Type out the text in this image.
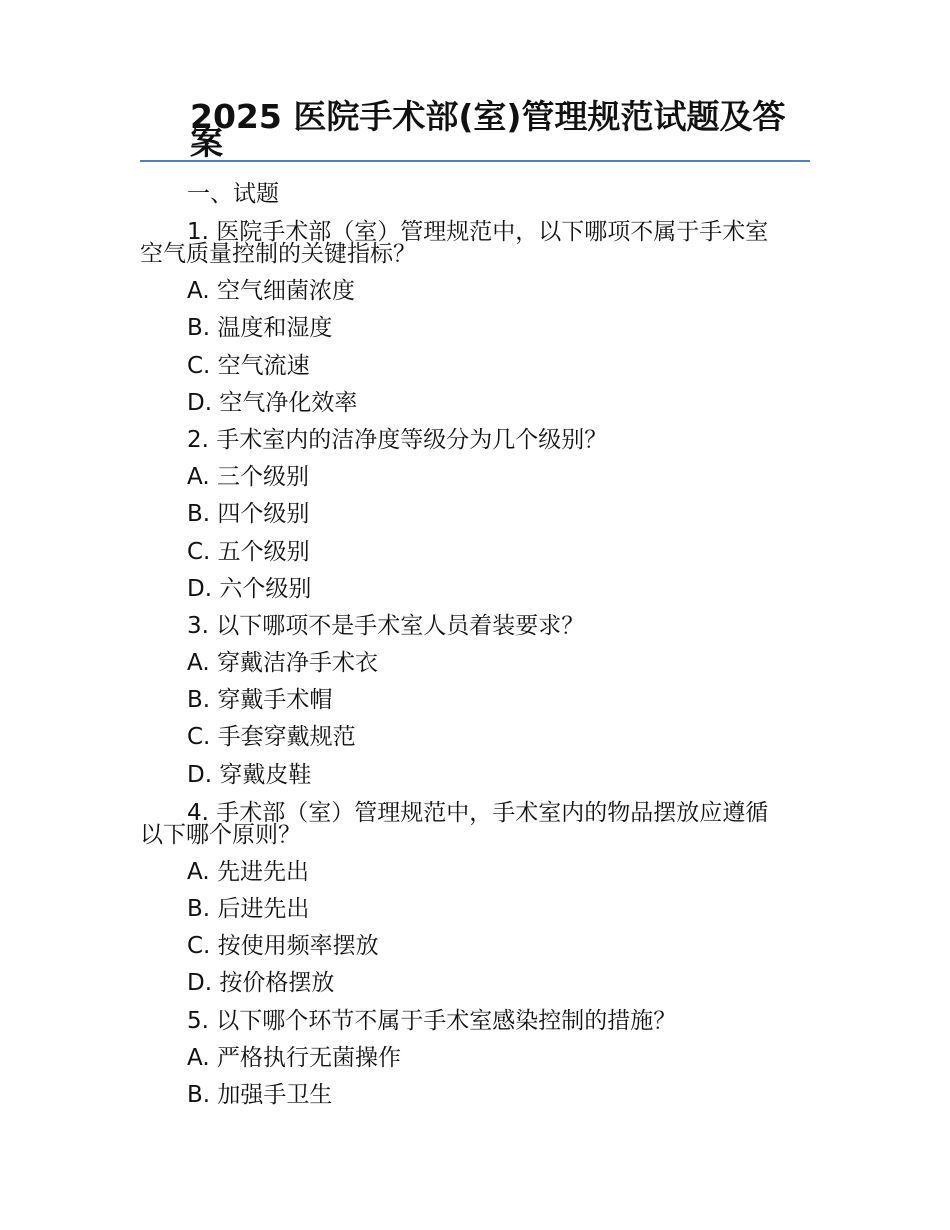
2025 医院手术部(室)管理规范试题及答案
一、试题
1. 医院手术部（室）管理规范中，以下哪项不属于手术室
空气质量控制的关键指标？
A. 空气细菌浓度
B. 温度和湿度
C. 空气流速
D. 空气净化效率
2. 手术室内的洁净度等级分为几个级别？
A. 三个级别
B. 四个级别
C. 五个级别
D. 六个级别
3. 以下哪项不是手术室人员着装要求？
A. 穿戴洁净手术衣
B. 穿戴手术帽
C. 手套穿戴规范
D. 穿戴皮鞋
4. 手术部（室）管理规范中，手术室内的物品摆放应遵循
以下哪个原则？
A. 先进先出
B. 后进先出
C. 按使用频率摆放
D. 按价格摆放
5. 以下哪个环节不属于手术室感染控制的措施？
A. 严格执行无菌操作
B. 加强手卫生
